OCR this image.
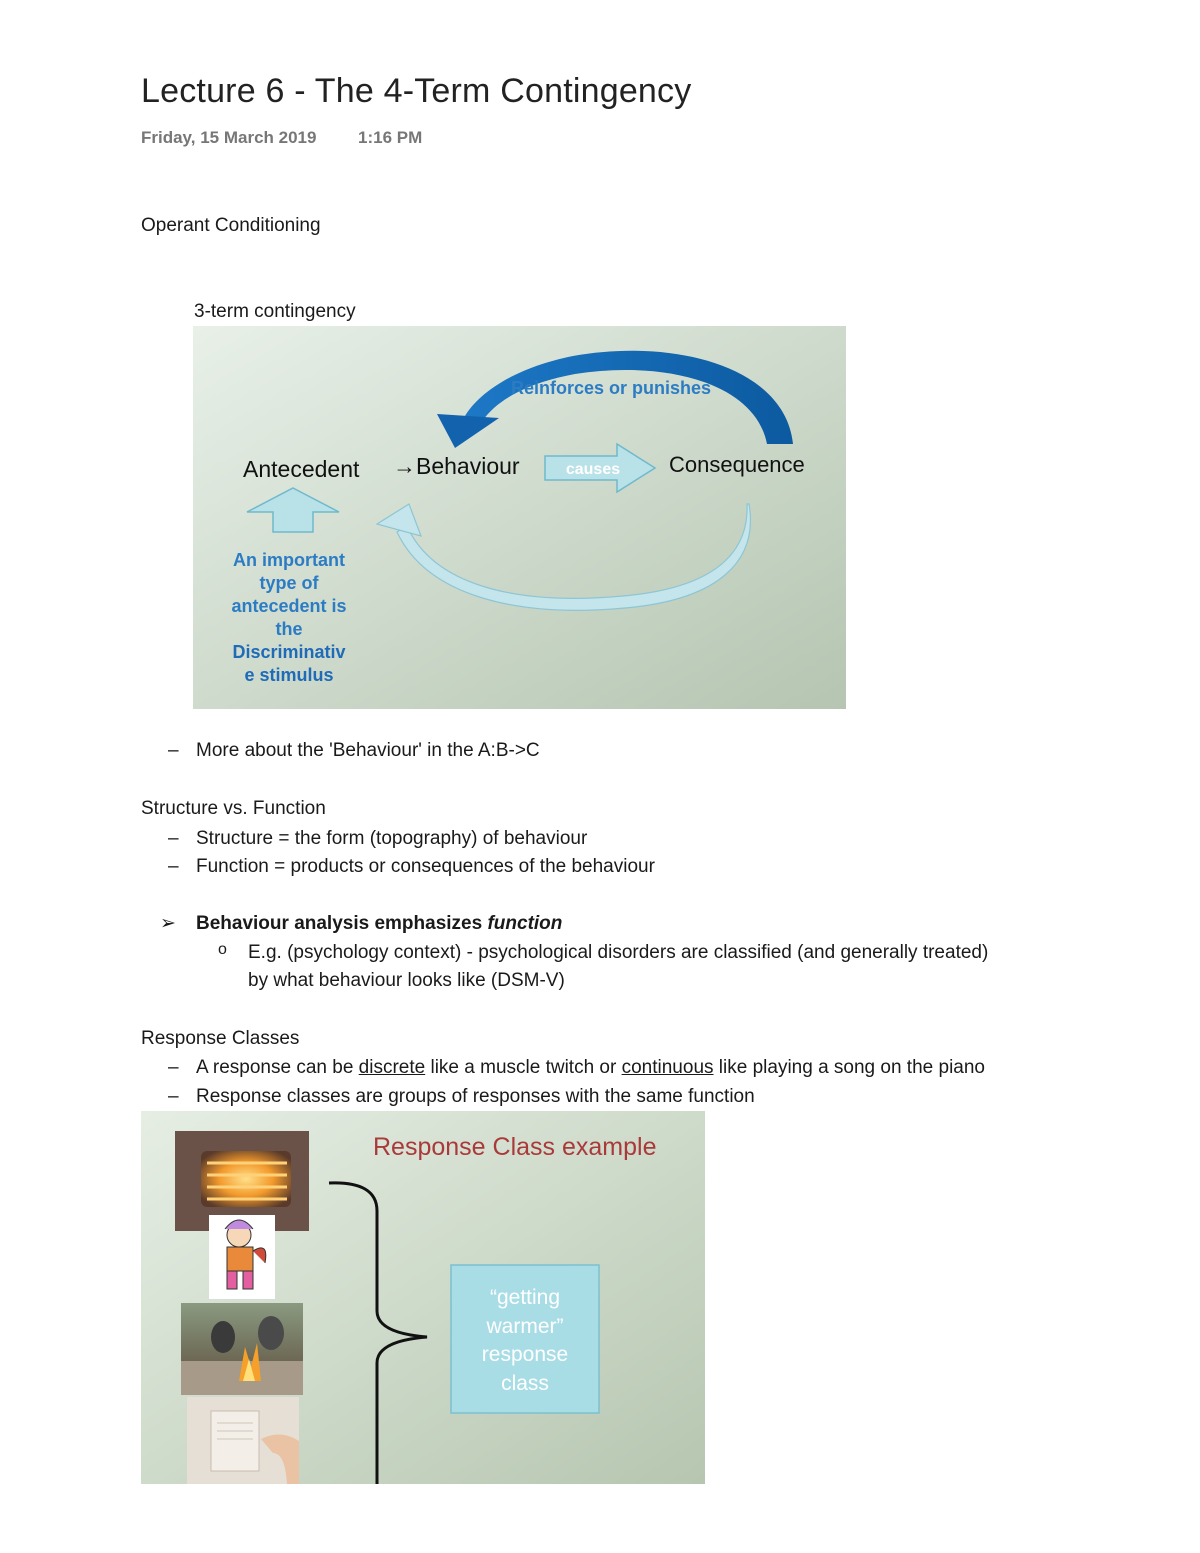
Lecture 6 - The 4-Term Contingency
Friday, 15 March 2019 1:16 PM
Operant Conditioning
3-term contingency
Reinforces or punishes
Antecedent →Behaviour	causes Consequence
An important
type of
antecedent is
the
Discriminativ
e stimulus
– More about the 'Behaviour' in the A:B->C
Structure vs. Function
– Structure = the form (topography) of behaviour
– Function = products or consequences of the behaviour
➢ Behaviour analysis emphasizes function
o E.g. (psychology context) - psychological disorders are classified (and generally treated)
by what behaviour looks like (DSM-V)
Response Classes
– A response can be discrete like a muscle twitch or continuous like playing a song on the piano
– Response classes are groups of responses with the same function
Response Class example
“getting
warmer”
response
class
